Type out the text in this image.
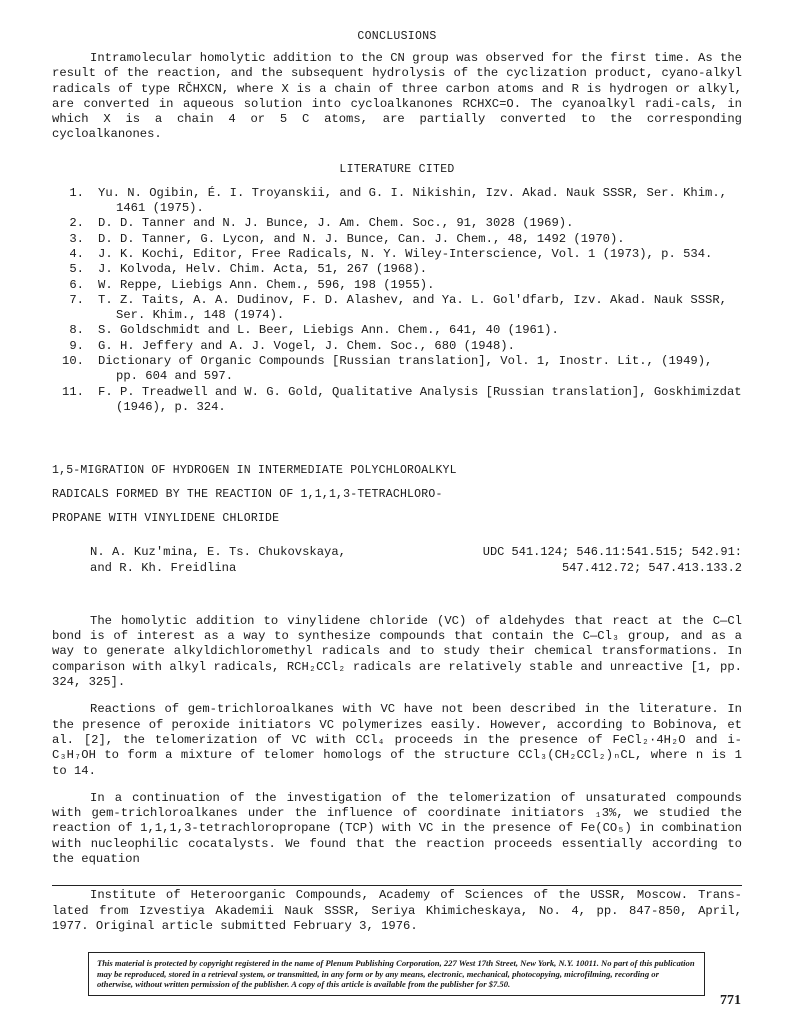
CONCLUSIONS

Intramolecular homolytic addition to the CN group was observed for the first time. As the result of the reaction, and the subsequent hydrolysis of the cyclization product, cyano-alkyl radicals of type RČHXCN, where X is a chain of three carbon atoms and R is hydrogen or alkyl, are converted in aqueous solution into cycloalkanones RCHXC=O. The cyanoalkyl radi-cals, in which X is a chain 4 or 5 C atoms, are partially converted to the corresponding cycloalkanones.

LITERATURE CITED
1.	Yu. N. Ogibin, É. I. Troyanskii, and G. I. Nikishin, Izv. Akad. Nauk SSSR, Ser. Khim.,
1461 (1975).
2.	D. D. Tanner and N. J. Bunce, J. Am. Chem. Soc., 91, 3028 (1969).
3.	D. D. Tanner, G. Lycon, and N. J. Bunce, Can. J. Chem., 48, 1492 (1970).
4.	J. K. Kochi, Editor, Free Radicals, N. Y. Wiley-Interscience, Vol. 1 (1973), p. 534.
5.	J. Kolvoda, Helv. Chim. Acta, 51, 267 (1968).
6.	W. Reppe, Liebigs Ann. Chem., 596, 198 (1955).
7.	T. Z. Taits, A. A. Dudinov, F. D. Alashev, and Ya. L. Gol'dfarb, Izv. Akad. Nauk SSSR,
Ser. Khim., 148 (1974).
8.	S. Goldschmidt and L. Beer, Liebigs Ann. Chem., 641, 40 (1961).
9.	G. H. Jeffery and A. J. Vogel, J. Chem. Soc., 680 (1948).
10.	Dictionary of Organic Compounds [Russian translation], Vol. 1, Inostr. Lit., (1949),
pp. 604 and 597.
11.	F. P. Treadwell and W. G. Gold, Qualitative Analysis [Russian translation], Goskhimizdat
(1946), p. 324.
1,5-MIGRATION OF HYDROGEN IN INTERMEDIATE POLYCHLOROALKYL
RADICALS FORMED BY THE REACTION OF 1,1,1,3-TETRACHLORO-
PROPANE WITH VINYLIDENE CHLORIDE
N. A. Kuz'mina, E. Ts. Chukovskaya,
and R. Kh. Freidlina
UDC 541.124; 546.11:541.515; 542.91:
547.412.72; 547.413.133.2

The homolytic addition to vinylidene chloride (VC) of aldehydes that react at the C—Cl bond is of interest as a way to synthesize compounds that contain the C—Cl₃ group, and as a way to generate alkyldichloromethyl radicals and to study their chemical transformations. In comparison with alkyl radicals, RCH₂CCl₂ radicals are relatively stable and unreactive [1, pp. 324, 325].

Reactions of gem-trichloroalkanes with VC have not been described in the literature. In the presence of peroxide initiators VC polymerizes easily. However, according to Bobinova, et al. [2], the telomerization of VC with CCl₄ proceeds in the presence of FeCl₂·4H₂O and i-C₃H₇OH to form a mixture of telomer homologs of the structure CCl₃(CH₂CCl₂)ₙCL, where n is 1 to 14.

In a continuation of the investigation of the telomerization of unsaturated compounds with gem-trichloroalkanes under the influence of coordinate initiators ₁3%, we studied the reaction of 1,1,1,3-tetrachloropropane (TCP) with VC in the presence of Fe(CO₅) in combination with nucleophilic cocatalysts. We found that the reaction proceeds essentially according to the equation

Institute of Heteroorganic Compounds, Academy of Sciences of the USSR, Moscow. Trans-lated from Izvestiya Akademii Nauk SSSR, Seriya Khimicheskaya, No. 4, pp. 847-850, April, 1977. Original article submitted February 3, 1976.

This material is protected by copyright registered in the name of Plenum Publishing Corporation, 227 West 17th Street, New York, N.Y. 10011. No part of this publication may be reproduced, stored in a retrieval system, or transmitted, in any form or by any means, electronic, mechanical, photocopying, microfilming, recording or otherwise, without written permission of the publisher. A copy of this article is available from the publisher for $7.50.
771
